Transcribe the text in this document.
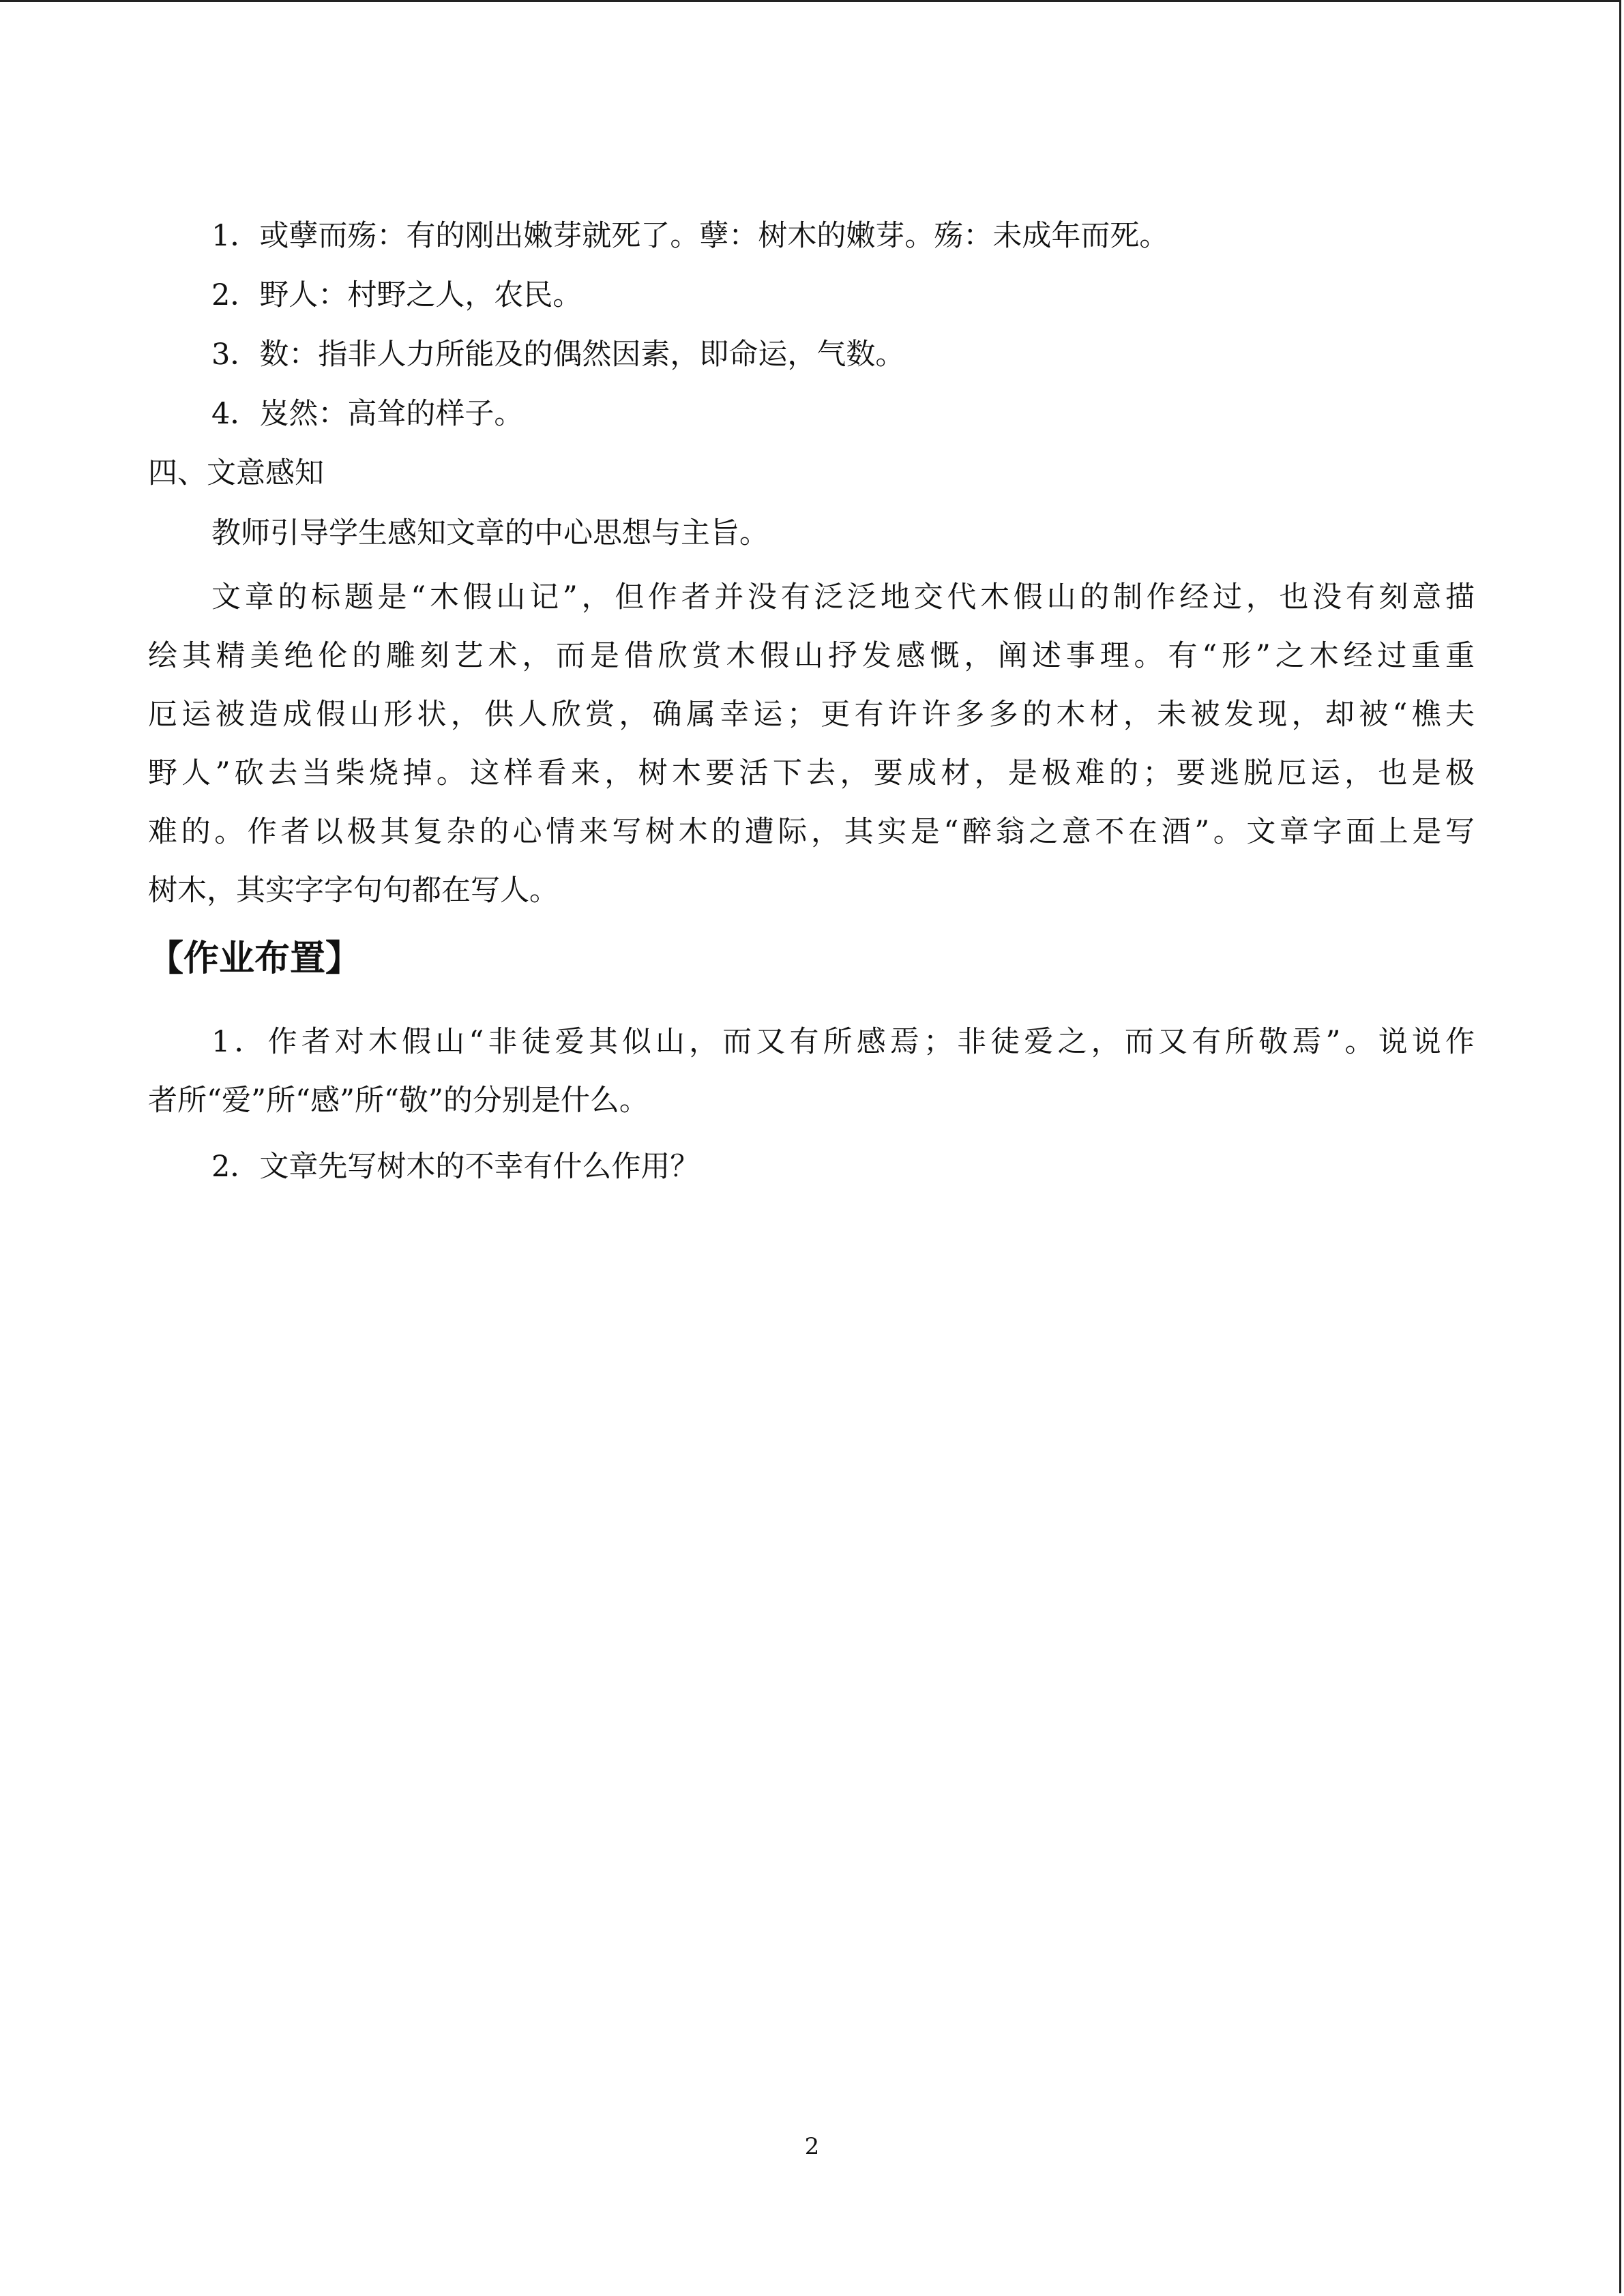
1．或孽而殇：有的刚出嫩芽就死了。孽：树木的嫩芽。殇：未成年而死。
2．野人：村野之人，农民。
3．数：指非人力所能及的偶然因素，即命运，气数。
4．岌然：高耸的样子。
四、文意感知
教师引导学生感知文章的中心思想与主旨。
文章的标题是“木假山记”，但作者并没有泛泛地交代木假山的制作经过，也没有刻意描
绘其精美绝伦的雕刻艺术，而是借欣赏木假山抒发感慨，阐述事理。有“形”之木经过重重
厄运被造成假山形状，供人欣赏，确属幸运；更有许许多多的木材，未被发现，却被“樵夫
野人”砍去当柴烧掉。这样看来，树木要活下去，要成材，是极难的；要逃脱厄运，也是极
难的。作者以极其复杂的心情来写树木的遭际，其实是“醉翁之意不在酒”。文章字面上是写
树木，其实字字句句都在写人。
【作业布置】
1．作者对木假山“非徒爱其似山，而又有所感焉；非徒爱之，而又有所敬焉”。说说作
者所“爱”所“感”所“敬”的分别是什么。
2．文章先写树木的不幸有什么作用？
2
